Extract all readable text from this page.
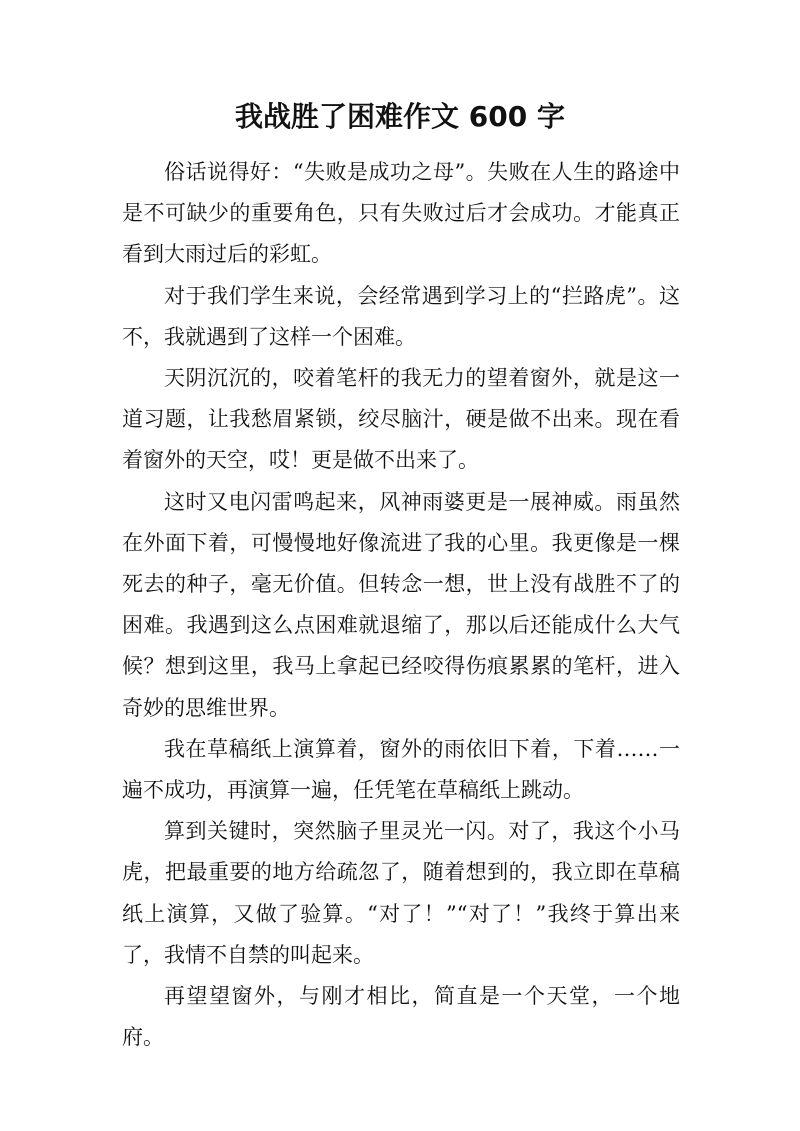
我战胜了困难作文 600 字

俗话说得好：“失败是成功之母”。失败在人生的路途中是不可缺少的重要角色，只有失败过后才会成功。才能真正看到大雨过后的彩虹。

对于我们学生来说，会经常遇到学习上的“拦路虎”。这不，我就遇到了这样一个困难。

天阴沉沉的，咬着笔杆的我无力的望着窗外，就是这一道习题，让我愁眉紧锁，绞尽脑汁，硬是做不出来。现在看着窗外的天空，哎！更是做不出来了。

这时又电闪雷鸣起来，风神雨婆更是一展神威。雨虽然在外面下着，可慢慢地好像流进了我的心里。我更像是一棵死去的种子，毫无价值。但转念一想，世上没有战胜不了的困难。我遇到这么点困难就退缩了，那以后还能成什么大气候？想到这里，我马上拿起已经咬得伤痕累累的笔杆，进入奇妙的思维世界。

我在草稿纸上演算着，窗外的雨依旧下着，下着……一遍不成功，再演算一遍，任凭笔在草稿纸上跳动。

算到关键时，突然脑子里灵光一闪。对了，我这个小马虎，把最重要的地方给疏忽了，随着想到的，我立即在草稿纸上演算，又做了验算。“对了！”“对了！”我终于算出来了，我情不自禁的叫起来。

再望望窗外，与刚才相比，简直是一个天堂，一个地府。
